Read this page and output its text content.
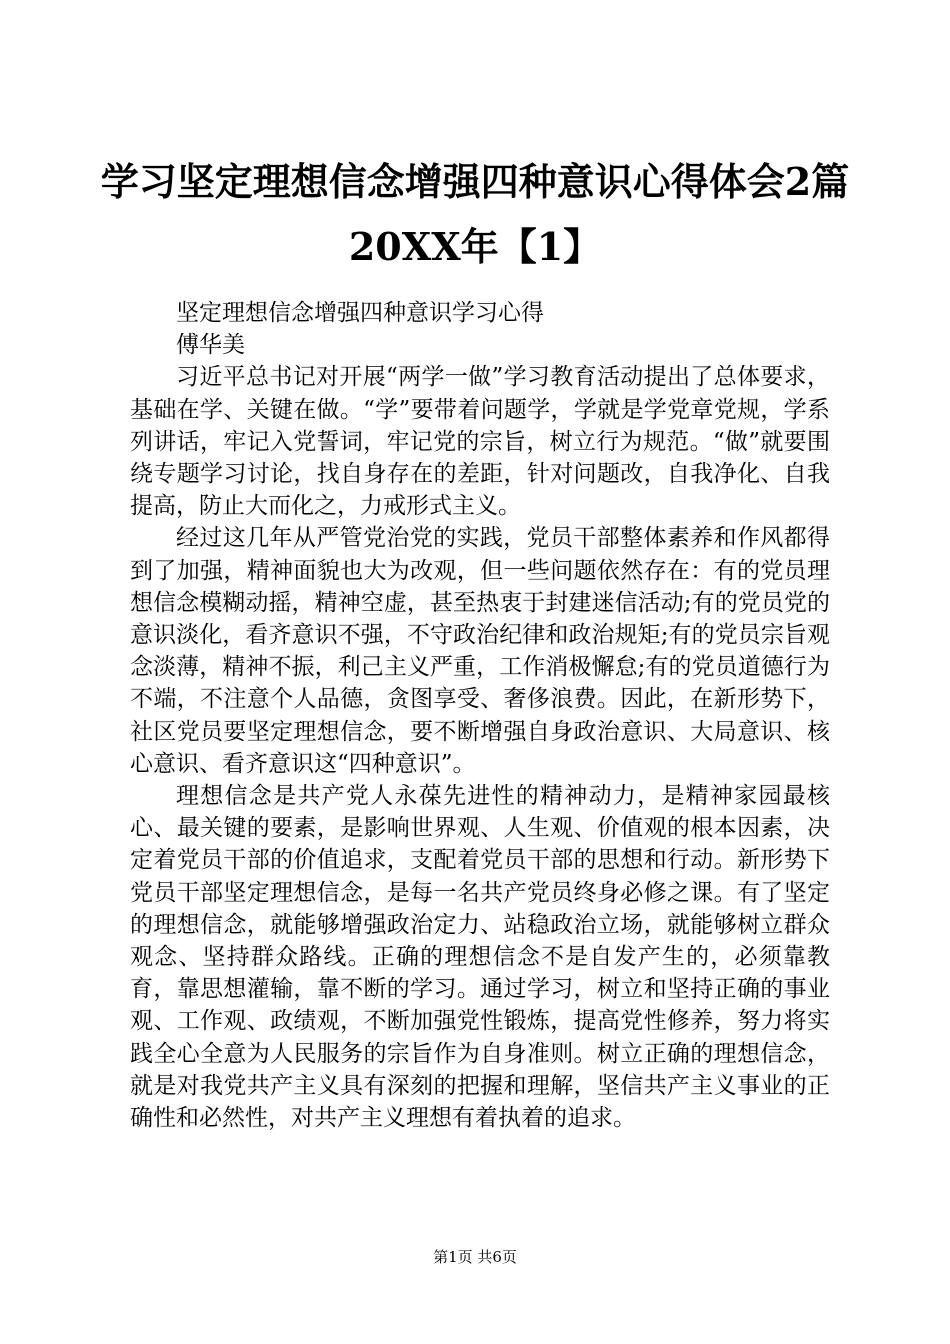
学习坚定理想信念增强四种意识心得体会2篇
20XX年【1】

坚定理想信念增强四种意识学习心得

傅华美

习近平总书记对开展“两学一做”学习教育活动提出了总体要求，基础在学、关键在做。“学”要带着问题学，学就是学党章党规，学系列讲话，牢记入党誓词，牢记党的宗旨，树立行为规范。“做”就要围绕专题学习讨论，找自身存在的差距，针对问题改，自我净化、自我提高，防止大而化之，力戒形式主义。

经过这几年从严管党治党的实践，党员干部整体素养和作风都得到了加强，精神面貌也大为改观，但一些问题依然存在：有的党员理想信念模糊动摇，精神空虚，甚至热衷于封建迷信活动;有的党员党的意识淡化，看齐意识不强，不守政治纪律和政治规矩;有的党员宗旨观念淡薄，精神不振，利己主义严重，工作消极懈怠;有的党员道德行为不端，不注意个人品德，贪图享受、奢侈浪费。因此，在新形势下，社区党员要坚定理想信念，要不断增强自身政治意识、大局意识、核心意识、看齐意识这“四种意识”。

理想信念是共产党人永葆先进性的精神动力，是精神家园最核心、最关键的要素，是影响世界观、人生观、价值观的根本因素，决定着党员干部的价值追求，支配着党员干部的思想和行动。新形势下党员干部坚定理想信念，是每一名共产党员终身必修之课。有了坚定的理想信念，就能够增强政治定力、站稳政治立场，就能够树立群众观念、坚持群众路线。正确的理想信念不是自发产生的，必须靠教育，靠思想灌输，靠不断的学习。通过学习，树立和坚持正确的事业观、工作观、政绩观，不断加强党性锻炼，提高党性修养，努力将实践全心全意为人民服务的宗旨作为自身准则。树立正确的理想信念，就是对我党共产主义具有深刻的把握和理解，坚信共产主义事业的正确性和必然性，对共产主义理想有着执着的追求。

第1页 共6页
